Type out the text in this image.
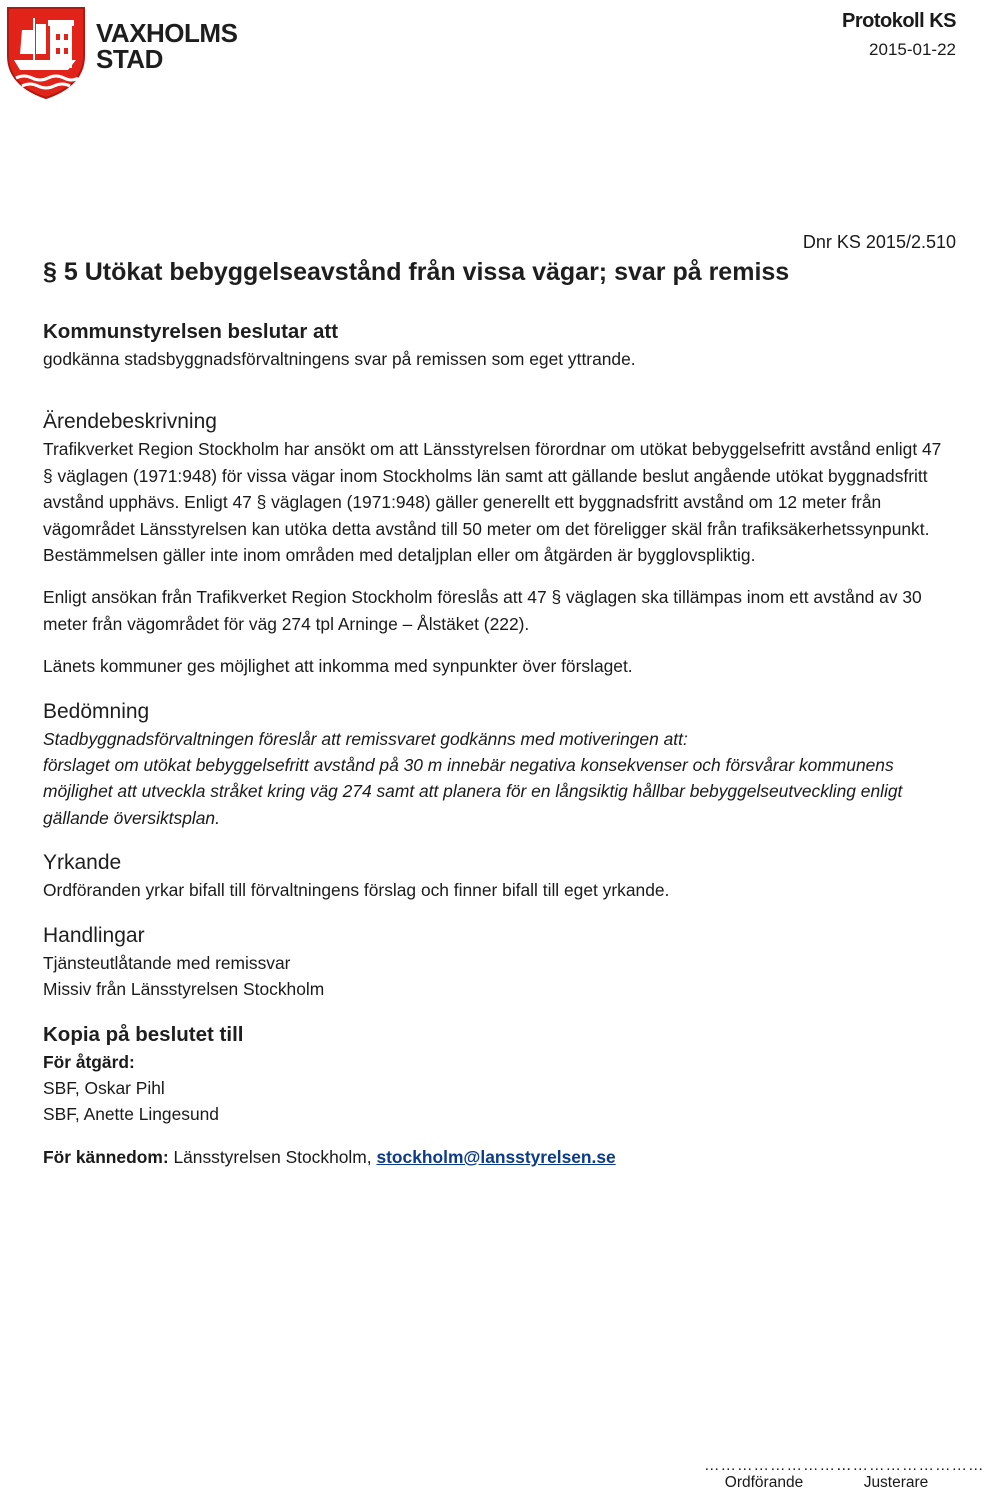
VAXHOLMS
STAD
Protokoll KS
2015-01-22
Dnr KS 2015/2.510
§ 5 Utökat bebyggelseavstånd från vissa vägar; svar på remiss
Kommunstyrelsen beslutar att

godkänna stadsbyggnadsförvaltningens svar på remissen som eget yttrande.

Ärendebeskrivning

Trafikverket Region Stockholm har ansökt om att Länsstyrelsen förordnar om utökat bebyggelsefritt avstånd enligt 47 § väglagen (1971:948) för vissa vägar inom Stockholms län samt att gällande beslut angående utökat byggnadsfritt avstånd upphävs. Enligt 47 § väglagen (1971:948) gäller generellt ett byggnadsfritt avstånd om 12 meter från vägområdet Länsstyrelsen kan utöka detta avstånd till 50 meter om det föreligger skäl från trafiksäkerhetssynpunkt. Bestämmelsen gäller inte inom områden med detaljplan eller om åtgärden är bygglovspliktig.

Enligt ansökan från Trafikverket Region Stockholm föreslås att 47 § väglagen ska tillämpas inom ett avstånd av 30 meter från vägområdet för väg 274 tpl Arninge – Ålstäket (222).

Länets kommuner ges möjlighet att inkomma med synpunkter över förslaget.

Bedömning

Stadbyggnadsförvaltningen föreslår att remissvaret godkänns med motiveringen att:

förslaget om utökat bebyggelsefritt avstånd på 30 m innebär negativa konsekvenser och försvårar kommunens möjlighet att utveckla stråket kring väg 274 samt att planera för en långsiktig hållbar bebyggelseutveckling enligt gällande översiktsplan.

Yrkande

Ordföranden yrkar bifall till förvaltningens förslag och finner bifall till eget yrkande.

Handlingar

Tjänsteutlåtande med remissvar

Missiv från Länsstyrelsen Stockholm

Kopia på beslutet till

För åtgärd:

SBF, Oskar Pihl

SBF, Anette Lingesund

För kännedom: Länsstyrelsen Stockholm, stockholm@lansstyrelsen.se

………………………
Ordförande
………………………
Justerare
